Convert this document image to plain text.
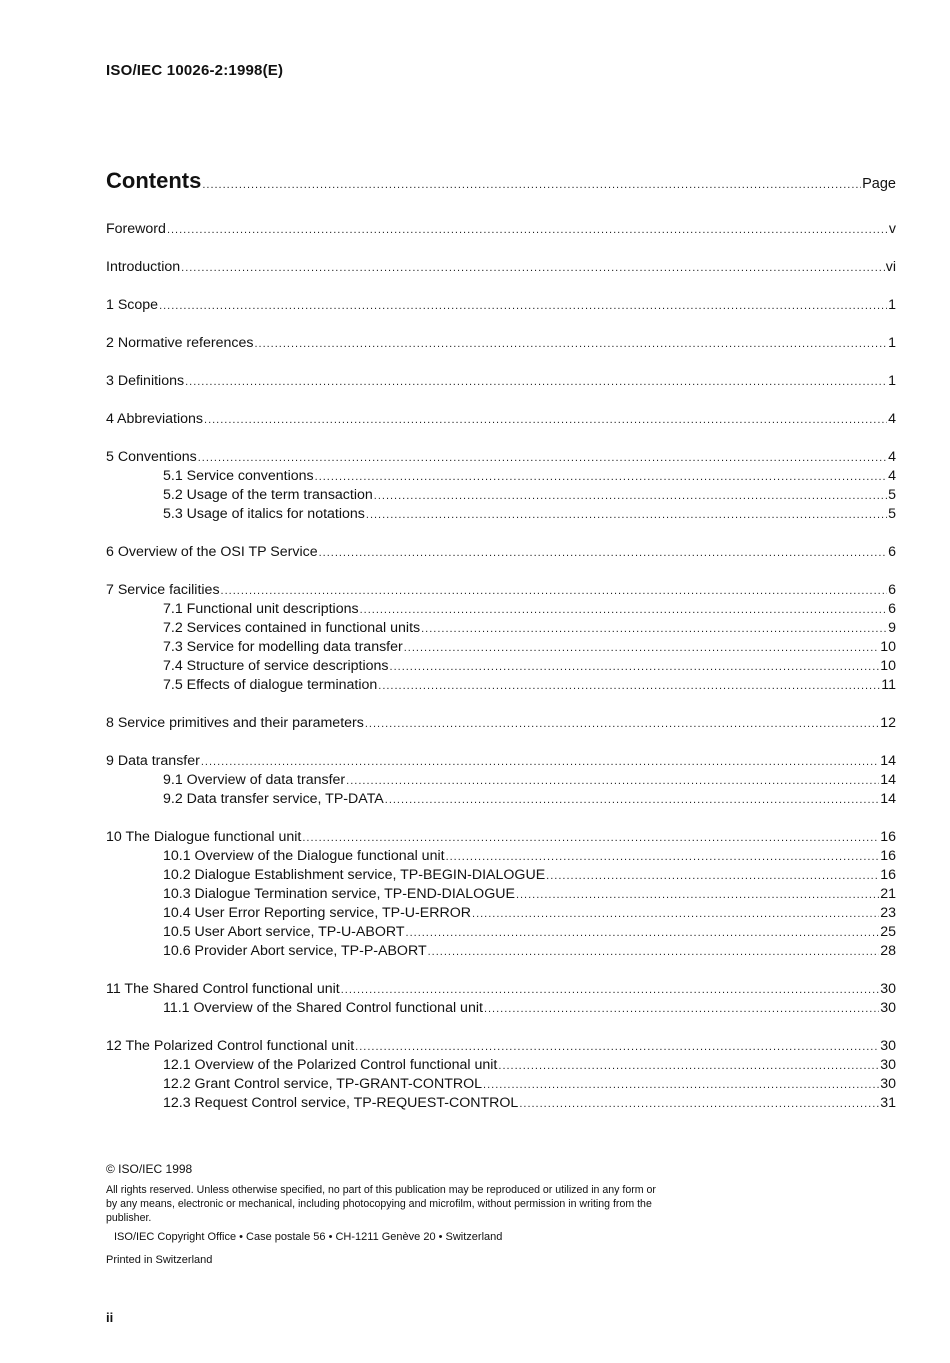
ISO/IEC 10026-2:1998(E)
Contents .....	Page
Foreword .....	v
Introduction .....	vi
1 Scope .....	1
2 Normative references .....	1
3 Definitions .....	1
4 Abbreviations .....	4
5 Conventions .....	4
5.1 Service conventions .....	4
5.2 Usage of the term transaction .....	5
5.3 Usage of italics for notations .....	5
6 Overview of the OSI TP Service .....	6
7 Service facilities .....	6
7.1 Functional unit descriptions .....	6
7.2 Services contained in functional units .....	9
7.3 Service for modelling data transfer .....	10
7.4 Structure of service descriptions .....	10
7.5 Effects of dialogue termination .....	11
8 Service primitives and their parameters .....	12
9 Data transfer .....	14
9.1 Overview of data transfer .....	14
9.2 Data transfer service, TP-DATA .....	14
10 The Dialogue functional unit .....	16
10.1 Overview of the Dialogue functional unit .....	16
10.2 Dialogue Establishment service, TP-BEGIN-DIALOGUE .....	16
10.3 Dialogue Termination service, TP-END-DIALOGUE .....	21
10.4 User Error Reporting service, TP-U-ERROR .....	23
10.5 User Abort service, TP-U-ABORT .....	25
10.6 Provider Abort service, TP-P-ABORT .....	28
11 The Shared Control functional unit .....	30
11.1 Overview of the Shared Control functional unit .....	30
12 The Polarized Control functional unit .....	30
12.1 Overview of the Polarized Control functional unit .....	30
12.2 Grant Control service, TP-GRANT-CONTROL .....	30
12.3 Request Control service, TP-REQUEST-CONTROL .....	31
© ISO/IEC 1998
All rights reserved. Unless otherwise specified, no part of this publication may be reproduced or utilized in any form or by any means, electronic or mechanical, including photocopying and microfilm, without permission in writing from the publisher.
ISO/IEC Copyright Office • Case postale 56 • CH-1211 Genève 20 • Switzerland
Printed in Switzerland
ii
